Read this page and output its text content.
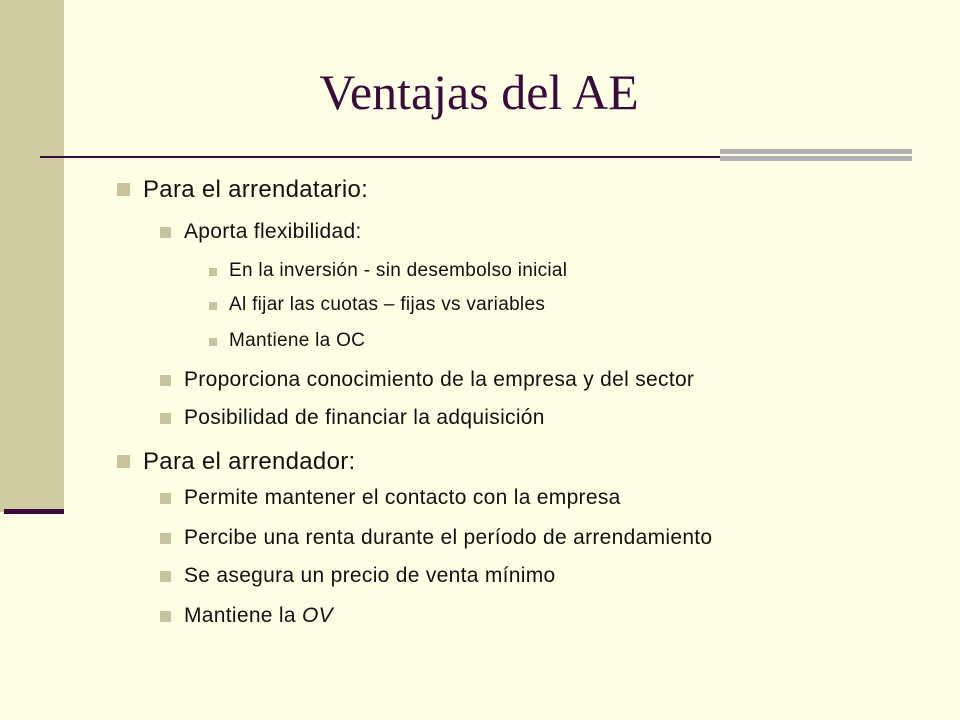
Ventajas del AE
Para el arrendatario:
Aporta flexibilidad:
En la inversión - sin desembolso inicial
Al fijar las cuotas – fijas vs variables
Mantiene la OC
Proporciona conocimiento de la empresa y del sector
Posibilidad de financiar la adquisición
Para el arrendador:
Permite mantener el contacto con la empresa
Percibe una renta durante el período de arrendamiento
Se asegura un precio de venta mínimo
Mantiene la OV
